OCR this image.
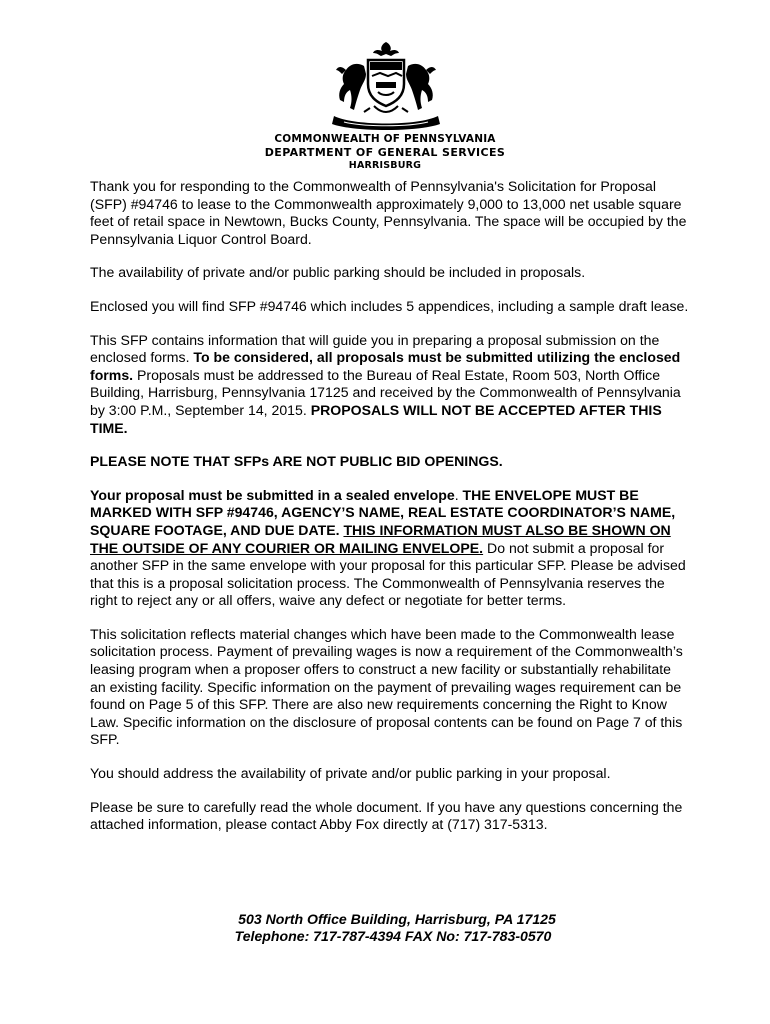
COMMONWEALTH OF PENNSYLVANIA
DEPARTMENT OF GENERAL SERVICES
HARRISBURG

Thank you for responding to the Commonwealth of Pennsylvania's Solicitation for Proposal (SFP) #94746 to lease to the Commonwealth approximately 9,000 to 13,000 net usable square feet of retail space in Newtown, Bucks County, Pennsylvania. The space will be occupied by the Pennsylvania Liquor Control Board.

The availability of private and/or public parking should be included in proposals.

Enclosed you will find SFP #94746 which includes 5 appendices, including a sample draft lease.

This SFP contains information that will guide you in preparing a proposal submission on the enclosed forms. To be considered, all proposals must be submitted utilizing the enclosed forms. Proposals must be addressed to the Bureau of Real Estate, Room 503, North Office Building, Harrisburg, Pennsylvania 17125 and received by the Commonwealth of Pennsylvania by 3:00 P.M., September 14, 2015. PROPOSALS WILL NOT BE ACCEPTED AFTER THIS TIME.

PLEASE NOTE THAT SFPs ARE NOT PUBLIC BID OPENINGS.

Your proposal must be submitted in a sealed envelope. THE ENVELOPE MUST BE MARKED WITH SFP #94746, AGENCY’S NAME, REAL ESTATE COORDINATOR’S NAME, SQUARE FOOTAGE, AND DUE DATE. THIS INFORMATION MUST ALSO BE SHOWN ON THE OUTSIDE OF ANY COURIER OR MAILING ENVELOPE. Do not submit a proposal for another SFP in the same envelope with your proposal for this particular SFP. Please be advised that this is a proposal solicitation process. The Commonwealth of Pennsylvania reserves the right to reject any or all offers, waive any defect or negotiate for better terms.

This solicitation reflects material changes which have been made to the Commonwealth lease solicitation process. Payment of prevailing wages is now a requirement of the Commonwealth’s leasing program when a proposer offers to construct a new facility or substantially rehabilitate an existing facility. Specific information on the payment of prevailing wages requirement can be found on Page 5 of this SFP. There are also new requirements concerning the Right to Know Law. Specific information on the disclosure of proposal contents can be found on Page 7 of this SFP.

You should address the availability of private and/or public parking in your proposal.

Please be sure to carefully read the whole document. If you have any questions concerning the attached information, please contact Abby Fox directly at (717) 317-5313.

503 North Office Building, Harrisburg, PA 17125
Telephone: 717-787-4394 FAX No: 717-783-0570
